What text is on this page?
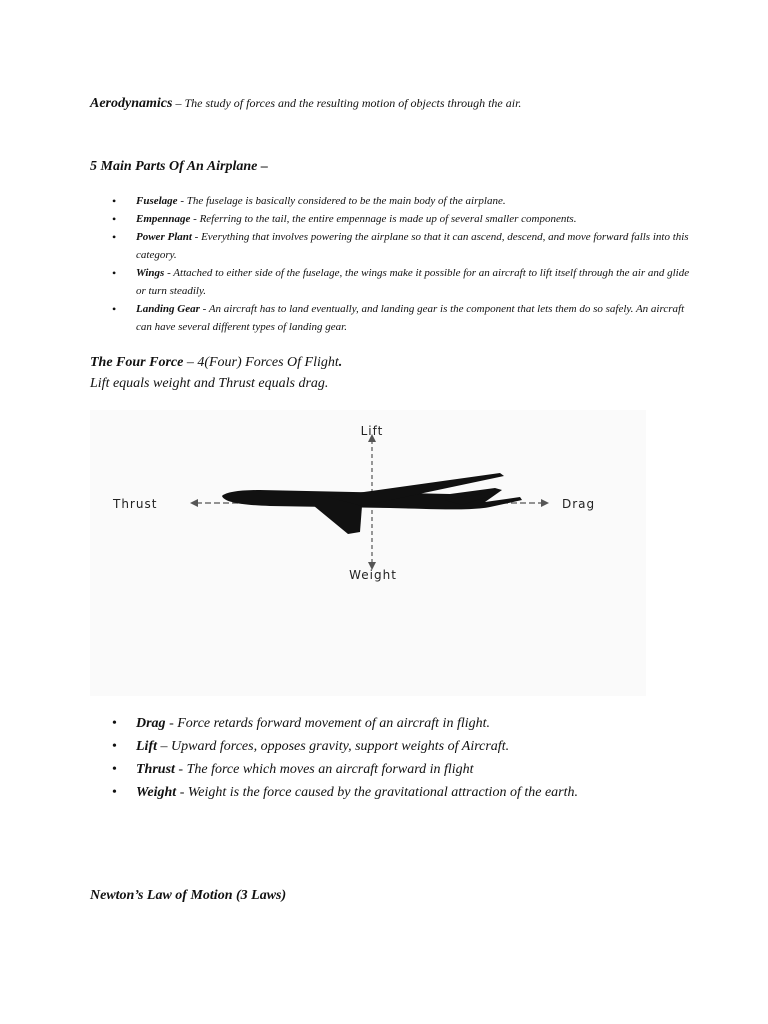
Aerodynamics – The study of forces and the resulting motion of objects through the air.
5 Main Parts Of An Airplane –
• Fuselage - The fuselage is basically considered to be the main body of the airplane.
• Empennage - Referring to the tail, the entire empennage is made up of several smaller components.
• Power Plant - Everything that involves powering the airplane so that it can ascend, descend, and move forward falls into this category.
• Wings - Attached to either side of the fuselage, the wings make it possible for an aircraft to lift itself through the air and glide or turn steadily.
• Landing Gear - An aircraft has to land eventually, and landing gear is the component that lets them do so safely. An aircraft can have several different types of landing gear.
The Four Force – 4(Four) Forces Of Flight.
Lift equals weight and Thrust equals drag.
Lift
Weight
Thrust	Drag
• Drag - Force retards forward movement of an aircraft in flight.
• Lift – Upward forces, opposes gravity, support weights of Aircraft.
• Thrust - The force which moves an aircraft forward in flight
• Weight - Weight is the force caused by the gravitational attraction of the earth.
Newton’s Law of Motion (3 Laws)
